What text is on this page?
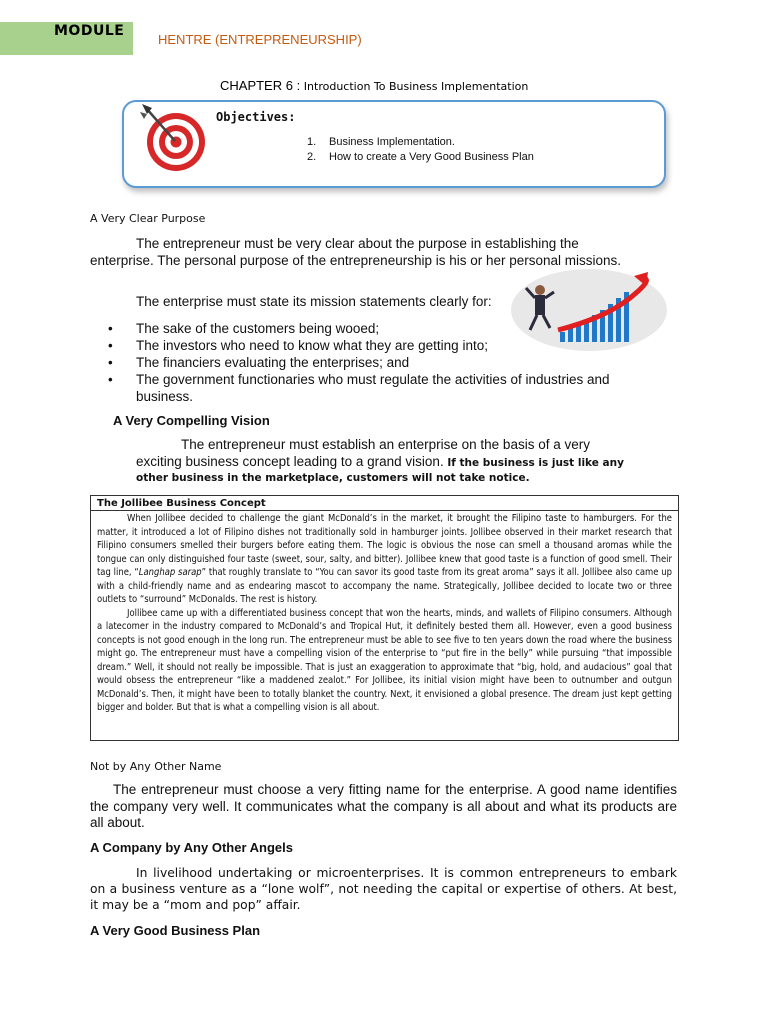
MODULE
HENTRE (ENTREPRENEURSHIP)
CHAPTER 6 : Introduction To Business Implementation
Objectives:
1. Business Implementation.
2. How to create a Very Good Business Plan
A Very Clear Purpose
The entrepreneur must be very clear about the purpose in establishing the enterprise. The personal purpose of the entrepreneurship is his or her personal missions.
The enterprise must state its mission statements clearly for:
• The sake of the customers being wooed;
• The investors who need to know what they are getting into;
• The financiers evaluating the enterprises; and
• The government functionaries who must regulate the activities of industries and business.
A Very Compelling Vision
The entrepreneur must establish an enterprise on the basis of a very
exciting business concept leading to a grand vision. If the business is just like any
other business in the marketplace, customers will not take notice.
The Jollibee Business Concept

When Jollibee decided to challenge the giant McDonald’s in the market, it brought the Filipino taste to hamburgers. For the matter, it introduced a lot of Filipino dishes not traditionally sold in hamburger joints. Jollibee observed in their market research that Filipino consumers smelled their burgers before eating them. The logic is obvious the nose can smell a thousand aromas while the tongue can only distinguished four taste (sweet, sour, salty, and bitter). Jollibee knew that good taste is a function of good smell. Their tag line, “Langhap sarap” that roughly translate to “You can savor its good taste from its great aroma” says it all. Jollibee also came up with a child-friendly name and as endearing mascot to accompany the name. Strategically, Jollibee decided to locate two or three outlets to “surround” McDonalds. The rest is history.

Jollibee came up with a differentiated business concept that won the hearts, minds, and wallets of Filipino consumers. Although a latecomer in the industry compared to McDonald’s and Tropical Hut, it definitely bested them all. However, even a good business concepts is not good enough in the long run. The entrepreneur must be able to see five to ten years down the road where the business might go. The entrepreneur must have a compelling vision of the enterprise to “put fire in the belly” while pursuing “that impossible dream.” Well, it should not really be impossible. That is just an exaggeration to approximate that “big, hold, and audacious” goal that would obsess the entrepreneur “like a maddened zealot.” For Jollibee, its initial vision might have been to outnumber and outgun McDonald’s. Then, it might have been to totally blanket the country. Next, it envisioned a global presence. The dream just kept getting bigger and bolder. But that is what a compelling vision is all about.

Not by Any Other Name
The entrepreneur must choose a very fitting name for the enterprise. A good name identifies the company very well. It communicates what the company is all about and what its products are all about.
A Company by Any Other Angels
In livelihood undertaking or microenterprises. It is common entrepreneurs to embark on a business venture as a “lone wolf”, not needing the capital or expertise of others. At best, it may be a “mom and pop” affair.
A Very Good Business Plan
